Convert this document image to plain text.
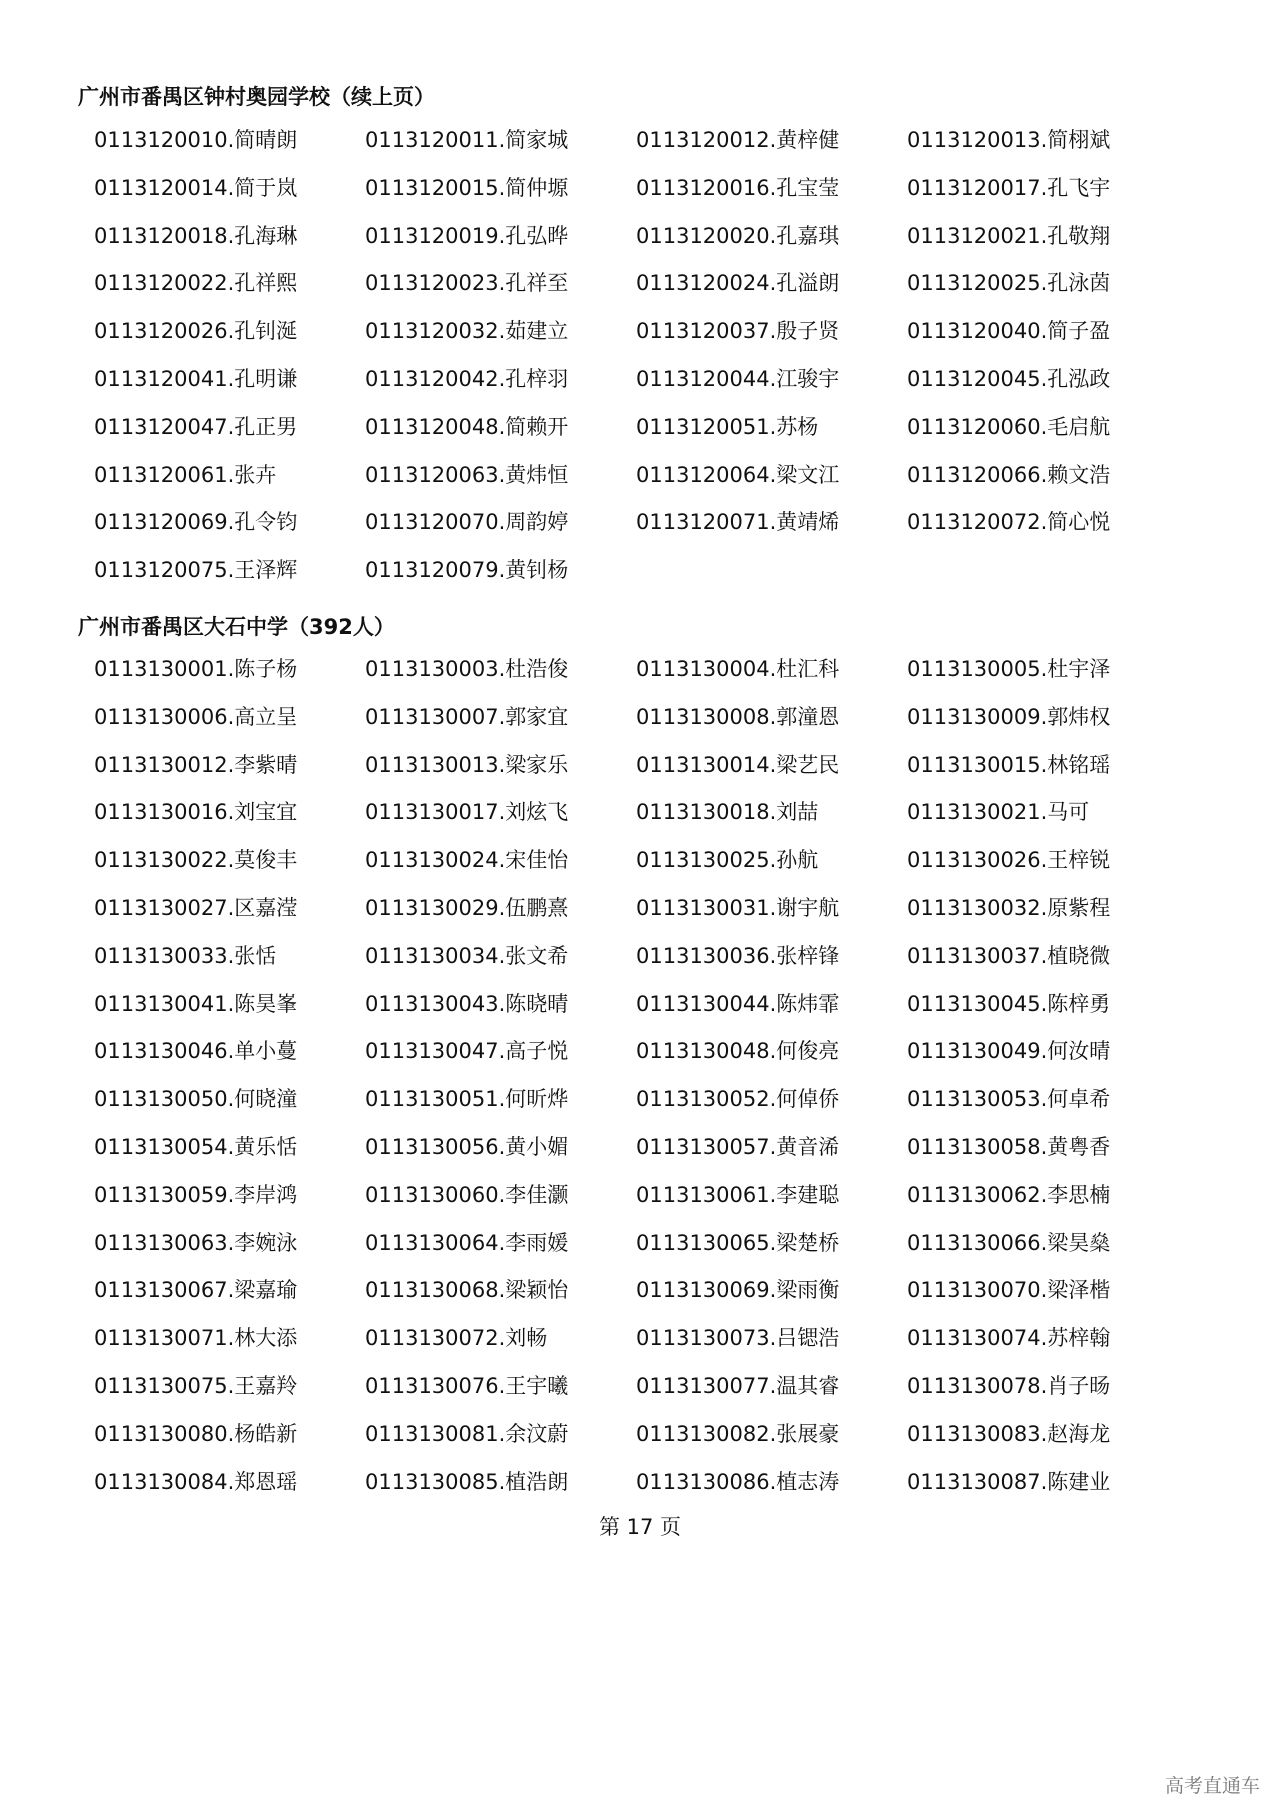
广州市番禺区钟村奥园学校（续上页）
0113120010.简晴朗	0113120011.简家城	0113120012.黄梓健	0113120013.简栩斌
0113120014.简于岚	0113120015.简仲塬	0113120016.孔宝莹	0113120017.孔飞宇
0113120018.孔海琳	0113120019.孔弘晔	0113120020.孔嘉琪	0113120021.孔敬翔
0113120022.孔祥熙	0113120023.孔祥至	0113120024.孔溢朗	0113120025.孔泳茵
0113120026.孔钊涎	0113120032.茹建立	0113120037.殷子贤	0113120040.简子盈
0113120041.孔明谦	0113120042.孔梓羽	0113120044.江骏宇	0113120045.孔泓政
0113120047.孔正男	0113120048.简赖开	0113120051.苏杨	0113120060.毛启航
0113120061.张卉	0113120063.黄炜恒	0113120064.梁文江	0113120066.赖文浩
0113120069.孔令钧	0113120070.周韵婷	0113120071.黄靖烯	0113120072.简心悦
0113120075.王泽辉	0113120079.黄钊杨
广州市番禺区大石中学（392人）
0113130001.陈子杨	0113130003.杜浩俊	0113130004.杜汇科	0113130005.杜宇泽
0113130006.高立呈	0113130007.郭家宜	0113130008.郭潼恩	0113130009.郭炜权
0113130012.李紫晴	0113130013.梁家乐	0113130014.梁艺民	0113130015.林铭瑶
0113130016.刘宝宜	0113130017.刘炫飞	0113130018.刘喆	0113130021.马可
0113130022.莫俊丰	0113130024.宋佳怡	0113130025.孙航	0113130026.王梓锐
0113130027.区嘉滢	0113130029.伍鹏熹	0113130031.谢宇航	0113130032.原紫程
0113130033.张恬	0113130034.张文希	0113130036.张梓锋	0113130037.植晓微
0113130041.陈昊峯	0113130043.陈晓晴	0113130044.陈炜霏	0113130045.陈梓勇
0113130046.单小蔓	0113130047.高子悦	0113130048.何俊亮	0113130049.何汝晴
0113130050.何晓潼	0113130051.何昕烨	0113130052.何倬侨	0113130053.何卓希
0113130054.黄乐恬	0113130056.黄小媚	0113130057.黄音浠	0113130058.黄粤香
0113130059.李岸鸿	0113130060.李佳灏	0113130061.李建聪	0113130062.李思楠
0113130063.李婉泳	0113130064.李雨媛	0113130065.梁楚桥	0113130066.梁昊燊
0113130067.梁嘉瑜	0113130068.梁颖怡	0113130069.梁雨衡	0113130070.梁泽楷
0113130071.林大添	0113130072.刘畅	0113130073.吕锶浩	0113130074.苏梓翰
0113130075.王嘉羚	0113130076.王宇曦	0113130077.温其睿	0113130078.肖子旸
0113130080.杨皓新	0113130081.余汶蔚	0113130082.张展豪	0113130083.赵海龙
0113130084.郑恩瑶	0113130085.植浩朗	0113130086.植志涛	0113130087.陈建业
第 17 页
高考直通车
